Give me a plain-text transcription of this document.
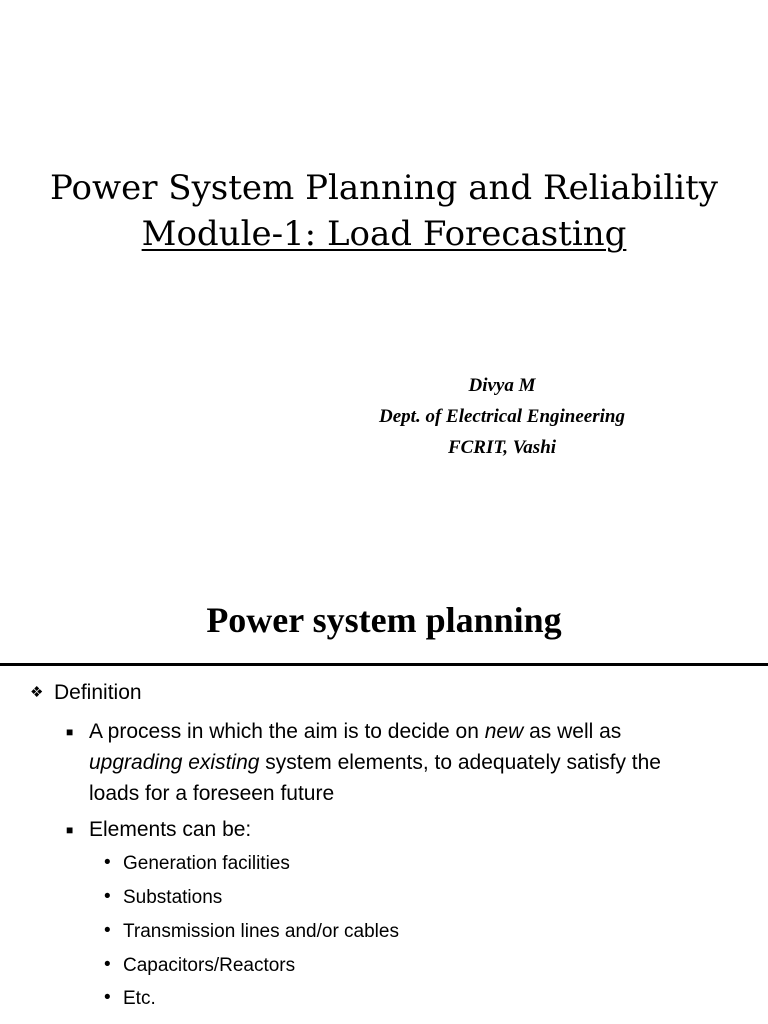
Power System Planning and Reliability
Module-1: Load Forecasting
Divya M
Dept. of Electrical Engineering
FCRIT, Vashi
Power system planning
❖ Definition
■ A process in which the aim is to decide on new as well as
upgrading existing system elements, to adequately satisfy the
loads for a foreseen future
■ Elements can be:
• Generation facilities
• Substations
• Transmission lines and/or cables
• Capacitors/Reactors
• Etc.
